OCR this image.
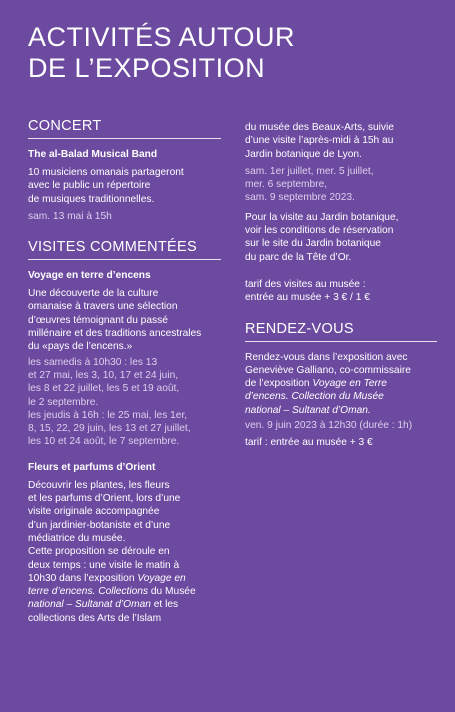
ACTIVITÉS AUTOUR
DE L’EXPOSITION
CONCERT
The al-Balad Musical Band
10 musiciens omanais partageront
avec le public un répertoire
de musiques traditionnelles.
sam. 13 mai à 15h
VISITES COMMENTÉES
Voyage en terre d’encens
Une découverte de la culture
omanaise à travers une sélection
d’œuvres témoignant du passé
millénaire et des traditions ancestrales
du «pays de l’encens.»
les samedis à 10h30 : les 13
et 27 mai, les 3, 10, 17 et 24 juin,
les 8 et 22 juillet, les 5 et 19 août,
le 2 septembre.
les jeudis à 16h : le 25 mai, les 1er,
8, 15, 22, 29 juin, les 13 et 27 juillet,
les 10 et 24 août, le 7 septembre.
Fleurs et parfums d’Orient
Découvrir les plantes, les fleurs
et les parfums d’Orient, lors d’une
visite originale accompagnée
d’un jardinier-botaniste et d’une
médiatrice du musée.
Cette proposition se déroule en
deux temps : une visite le matin à
10h30 dans l’exposition Voyage en
terre d’encens. Collections du Musée
national – Sultanat d’Oman et les
collections des Arts de l’Islam
du musée des Beaux-Arts, suivie
d’une visite l’après-midi à 15h au
Jardin botanique de Lyon.
sam. 1er juillet, mer. 5 juillet,
mer. 6 septembre,
sam. 9 septembre 2023.
Pour la visite au Jardin botanique,
voir les conditions de réservation
sur le site du Jardin botanique
du parc de la Tête d’Or.
tarif des visites au musée :
entrée au musée + 3 € / 1 €
RENDEZ-VOUS
Rendez-vous dans l’exposition avec
Geneviève Galliano, co-commissaire
de l’exposition Voyage en Terre
d’encens. Collection du Musée
national – Sultanat d’Oman.
ven. 9 juin 2023 à 12h30 (durée : 1h)
tarif : entrée au musée + 3 €
